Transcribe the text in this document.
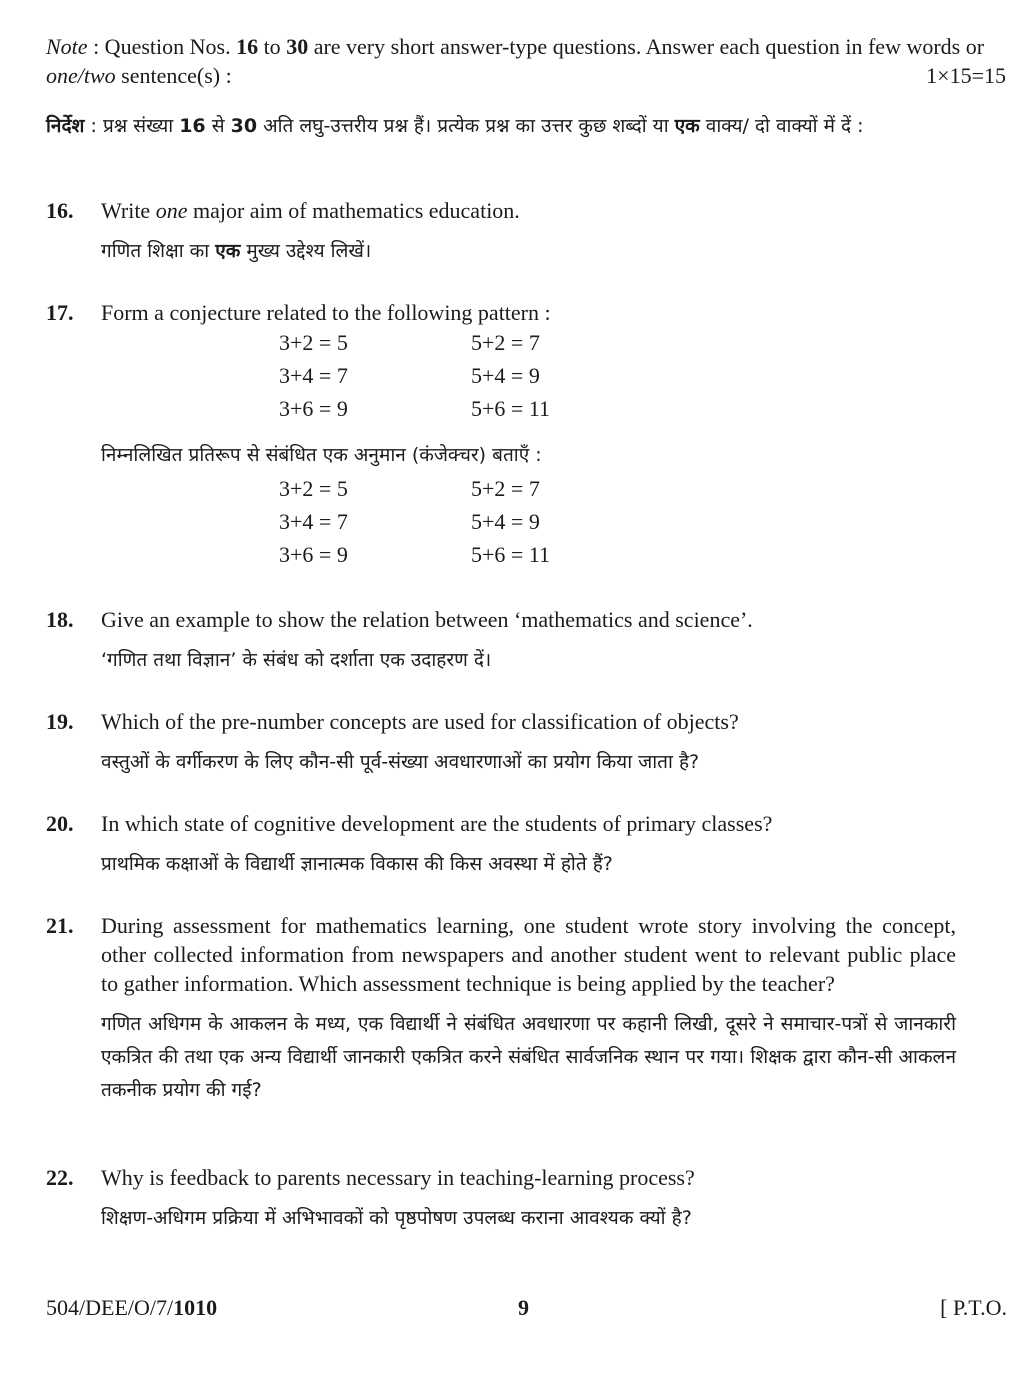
Note : Question Nos. 16 to 30 are very short answer-type questions. Answer each question in few words or one/two sentence(s) :	1×15=15
निर्देश : प्रश्न संख्या 16 से 30 अति लघु-उत्तरीय प्रश्न हैं। प्रत्येक प्रश्न का उत्तर कुछ शब्दों या एक वाक्य/ दो वाक्यों में दें :
16. Write one major aim of mathematics education.
गणित शिक्षा का एक मुख्य उद्देश्य लिखें।
17. Form a conjecture related to the following pattern :
3+2 = 5	5+2 = 7
3+4 = 7	5+4 = 9
3+6 = 9	5+6 = 11
निम्नलिखित प्रतिरूप से संबंधित एक अनुमान (कंजेक्चर) बताएँ :
3+2 = 5	5+2 = 7
3+4 = 7	5+4 = 9
3+6 = 9	5+6 = 11
18. Give an example to show the relation between ‘mathematics and science’.
‘गणित तथा विज्ञान’ के संबंध को दर्शाता एक उदाहरण दें।
19. Which of the pre-number concepts are used for classification of objects?
वस्तुओं के वर्गीकरण के लिए कौन-सी पूर्व-संख्या अवधारणाओं का प्रयोग किया जाता है?
20. In which state of cognitive development are the students of primary classes?
प्राथमिक कक्षाओं के विद्यार्थी ज्ञानात्मक विकास की किस अवस्था में होते हैं?
21. During assessment for mathematics learning, one student wrote story involving the concept, other collected information from newspapers and another student went to relevant public place to gather information. Which assessment technique is being applied by the teacher?
गणित अधिगम के आकलन के मध्य, एक विद्यार्थी ने संबंधित अवधारणा पर कहानी लिखी, दूसरे ने समाचार-पत्रों से जानकारी एकत्रित की तथा एक अन्य विद्यार्थी जानकारी एकत्रित करने संबंधित सार्वजनिक स्थान पर गया। शिक्षक द्वारा कौन-सी आकलन तकनीक प्रयोग की गई?
22. Why is feedback to parents necessary in teaching-learning process?
शिक्षण-अधिगम प्रक्रिया में अभिभावकों को पृष्ठपोषण उपलब्ध कराना आवश्यक क्यों है?
504/DEE/O/7/1010	9	[ P.T.O.
